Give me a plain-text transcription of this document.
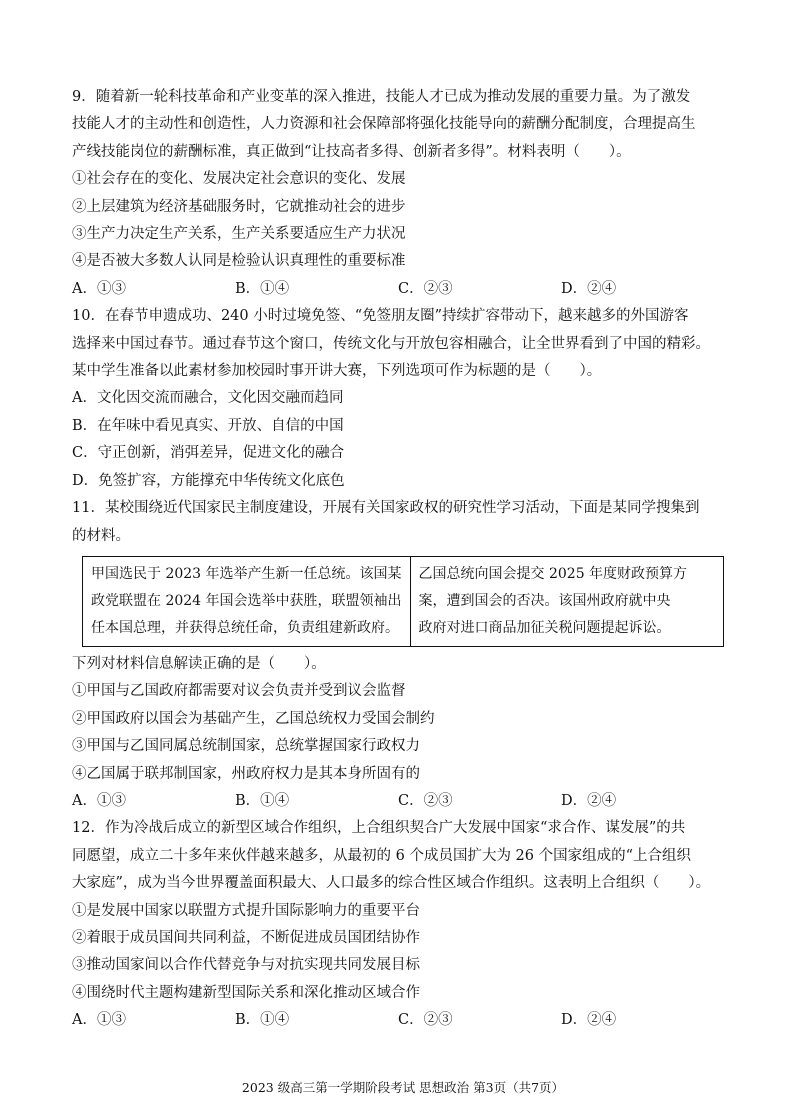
9．随着新一轮科技革命和产业变革的深入推进，技能人才已成为推动发展的重要力量。为了激发
技能人才的主动性和创造性，人力资源和社会保障部将强化技能导向的薪酬分配制度，合理提高生
产线技能岗位的薪酬标准，真正做到“让技高者多得、创新者多得”。材料表明（　　）。
①社会存在的变化、发展决定社会意识的变化、发展
②上层建筑为经济基础服务时，它就推动社会的进步
③生产力决定生产关系，生产关系要适应生产力状况
④是否被大多数人认同是检验认识真理性的重要标准
A．①③	B．①④	C．②③	D．②④
10．在春节申遗成功、240 小时过境免签、“免签朋友圈”持续扩容带动下，越来越多的外国游客
选择来中国过春节。通过春节这个窗口，传统文化与开放包容相融合，让全世界看到了中国的精彩。
某中学生准备以此素材参加校园时事开讲大赛，下列选项可作为标题的是（　　）。
A．文化因交流而融合，文化因交融而趋同
B．在年味中看见真实、开放、自信的中国
C．守正创新，消弭差异，促进文化的融合
D．免签扩容，方能撑充中华传统文化底色
11．某校围绕近代国家民主制度建设，开展有关国家政权的研究性学习活动，下面是某同学搜集到
的材料。
甲国选民于 2023 年选举产生新一任总统。该国某
政党联盟在 2024 年国会选举中获胜，联盟领袖出
任本国总理，并获得总统任命，负责组建新政府。

乙国总统向国会提交 2025 年度财政预算方
案，遭到国会的否决。该国州政府就中央
政府对进口商品加征关税问题提起诉讼。
下列对材料信息解读正确的是（　　）。
①甲国与乙国政府都需要对议会负责并受到议会监督
②甲国政府以国会为基础产生，乙国总统权力受国会制约
③甲国与乙国同属总统制国家，总统掌握国家行政权力
④乙国属于联邦制国家，州政府权力是其本身所固有的
A．①③	B．①④	C．②③	D．②④
12．作为冷战后成立的新型区域合作组织，上合组织契合广大发展中国家“求合作、谋发展”的共
同愿望，成立二十多年来伙伴越来越多，从最初的 6 个成员国扩大为 26 个国家组成的“上合组织
大家庭”，成为当今世界覆盖面积最大、人口最多的综合性区域合作组织。这表明上合组织（　　）。
①是发展中国家以联盟方式提升国际影响力的重要平台
②着眼于成员国间共同利益，不断促进成员国团结协作
③推动国家间以合作代替竞争与对抗实现共同发展目标
④围绕时代主题构建新型国际关系和深化推动区域合作
A．①③	B．①④	C．②③	D．②④
2023 级高三第一学期阶段考试 思想政治 第3页（共7页）
